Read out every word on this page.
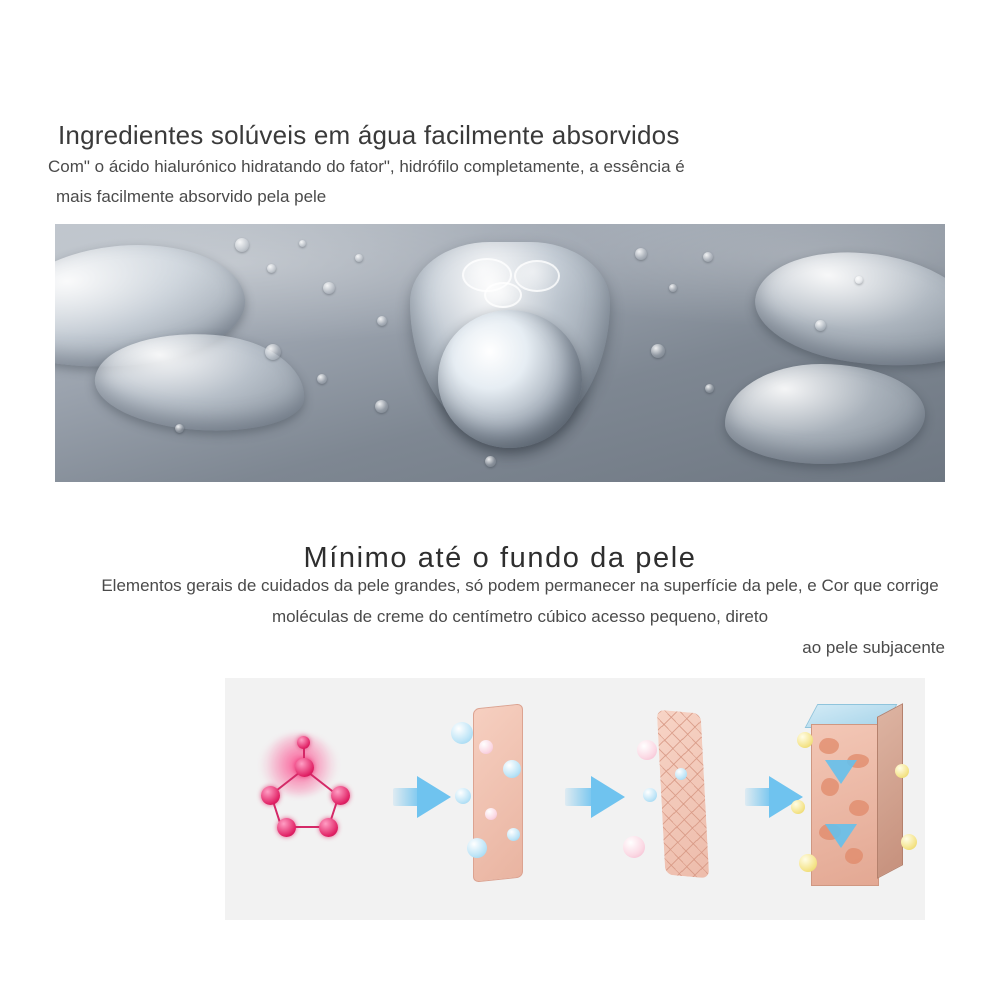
Ingredientes solúveis em água facilmente absorvidos
Com" o ácido hialurónico hidratando do fator", hidrófilo completamente, a essência é
mais facilmente absorvido pela pele
Mínimo até o fundo da pele
Elementos gerais de cuidados da pele grandes, só podem permanecer na superfície da pele, e Cor que corrige moléculas de creme do centímetro cúbico acesso pequeno, direto
ao pele subjacente
